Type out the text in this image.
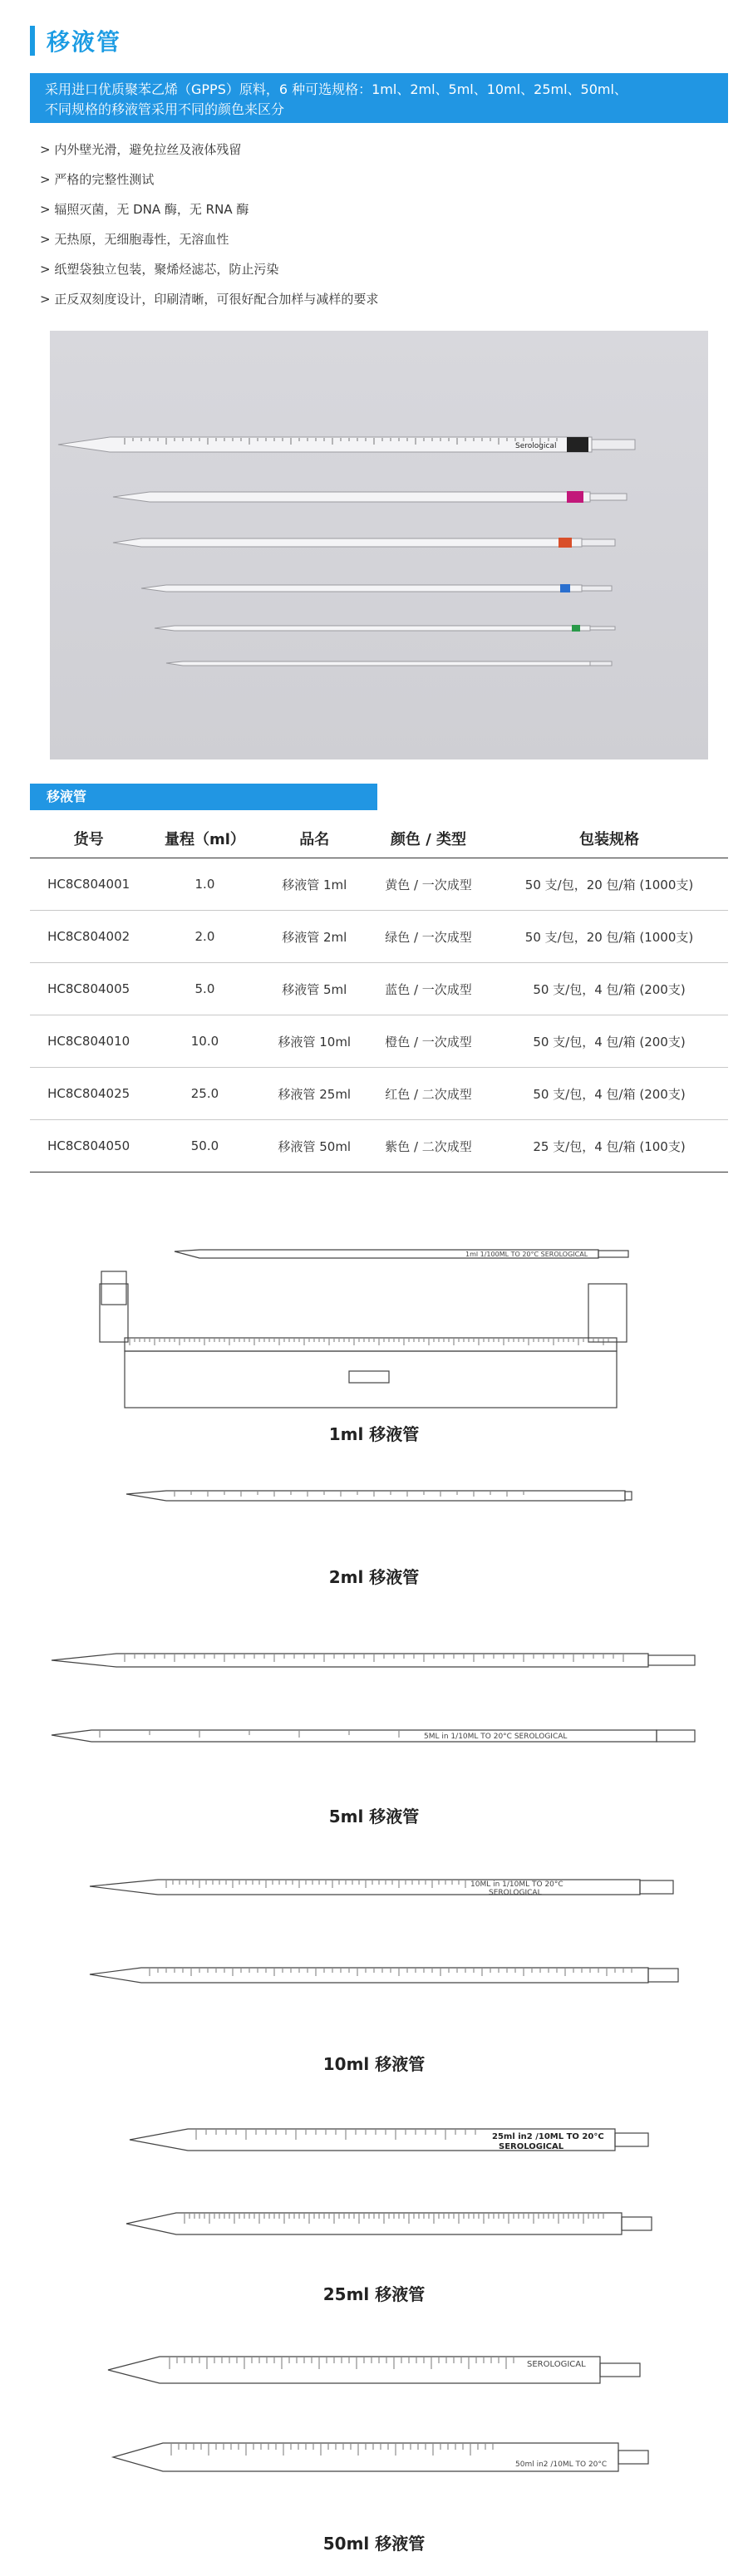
移液管
采用进口优质聚苯乙烯（GPPS）原料，6 种可选规格：1ml、2ml、5ml、10ml、25ml、50ml、
不同规格的移液管采用不同的颜色来区分
> 内外壁光滑，避免拉丝及液体残留
> 严格的完整性测试
> 辐照灭菌，无 DNA 酶，无 RNA 酶
> 无热原，无细胞毒性，无溶血性
> 纸塑袋独立包装，聚烯烃滤芯，防止污染
> 正反双刻度设计，印刷清晰，可很好配合加样与减样的要求
Serological
移液管
货号	量程（ml）	品名	颜色 / 类型	包装规格
HC8C804001	1.0	移液管 1ml	黄色 / 一次成型	50 支/包，20 包/箱 (1000支)
HC8C804002	2.0	移液管 2ml	绿色 / 一次成型	50 支/包，20 包/箱 (1000支)
HC8C804005	5.0	移液管 5ml	蓝色 / 一次成型	50 支/包，4 包/箱 (200支)
HC8C804010	10.0	移液管 10ml	橙色 / 一次成型	50 支/包，4 包/箱 (200支)
HC8C804025	25.0	移液管 25ml	红色 / 二次成型	50 支/包，4 包/箱 (200支)
HC8C804050	50.0	移液管 50ml	紫色 / 二次成型	25 支/包，4 包/箱 (100支)
1ml 1/100ML TO 20°C SEROLOGICAL
5ML in 1/10ML TO 20°C SEROLOGICAL
10ML in 1/10ML TO 20°C
SEROLOGICAL
25ml in2 /10ML TO 20°C
SEROLOGICAL
SEROLOGICAL
50ml in2 /10ML TO 20°C
1ml 移液管
2ml 移液管
5ml 移液管
10ml 移液管
25ml 移液管
50ml 移液管
